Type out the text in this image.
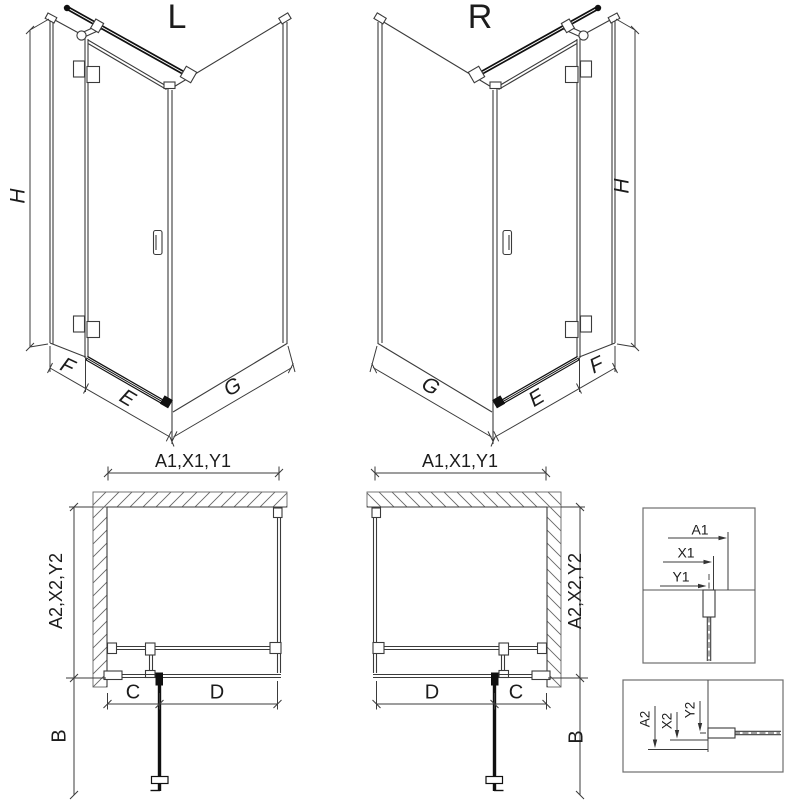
A1
X1
Y1
A2 X2
Y2
L	R
H
F
E	G
H
F
E
G
A1,X1,Y1
A2,X2,Y2
B
C	D
A1,X1,Y1
A2,X2,Y2
B
D	C
